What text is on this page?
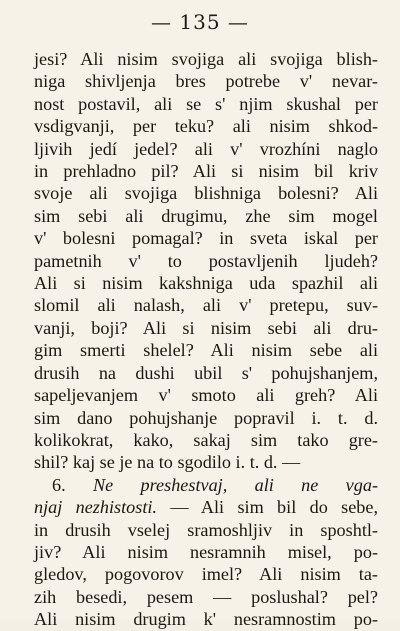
— 135 —
jesi? Ali nisim svojiga ali svojiga blish-
niga shivljenja bres potrebe v' nevar-
nost postavil, ali se s' njim skushal per
vsdigvanji, per teku? ali nisim shkod-
ljivih jedí jedel? ali v' vrozhíni naglo
in prehladno pil? Ali si nisim bil kriv
svoje ali svojiga blishniga bolesni? Ali
sim sebi ali drugimu, zhe sim mogel
v' bolesni pomagal? in sveta iskal per
pametnih v' to postavljenih ljudeh?
Ali si nisim kakshniga uda spazhil ali
slomil ali nalash, ali v' pretepu, suv-
vanji, boji? Ali si nisim sebi ali dru-
gim smerti shelel? Ali nisim sebe ali
drusih na dushi ubil s' pohujshanjem,
sapeljevanjem v' smoto ali greh? Ali
sim dano pohujshanje popravil i. t. d.
kolikokrat, kako, sakaj sim tako gre-
shil? kaj se je na to sgodilo i. t. d. —
6. Ne preshestvaj, ali ne vga-
njaj nezhistosti. — Ali sim bil do sebe,
in drusih vselej sramoshljiv in sposhtl-
jiv? Ali nisim nesramnih misel, po-
gledov, pogovorov imel? Ali nisim ta-
zih besedi, pesem — poslushal? pel?
Ali nisim drugim k' nesramnostim po-
